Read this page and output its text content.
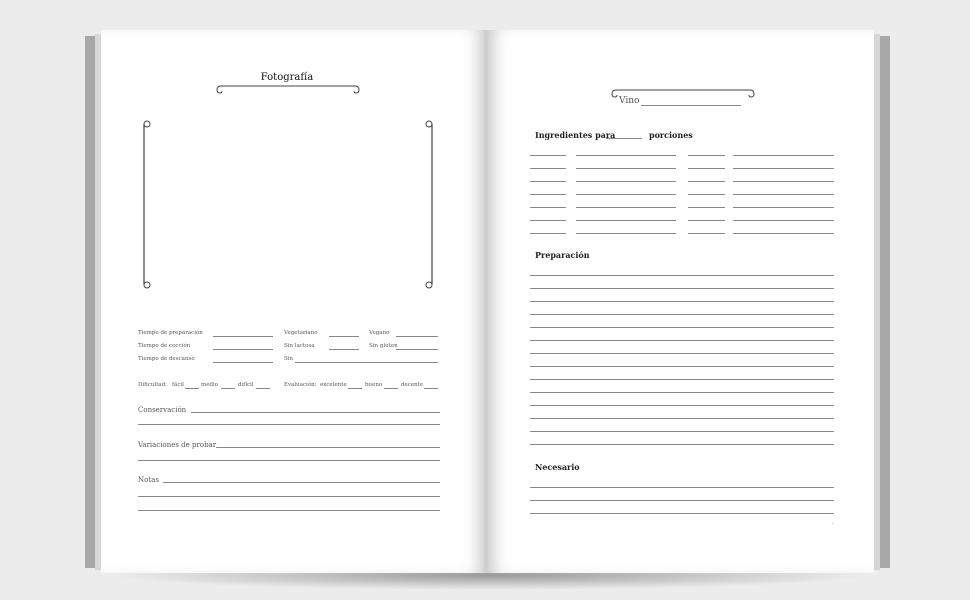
Fotografía
Tiempo de preparación	Vegetariano	Vegano
Tiempo de cocción	Sin lactosa	Sin gluten
Tiempo de descanso	Sin
Dificultad: fácil	medio	difícil	Evaluación: excelente	bueno	decente
Conservación
Variaciones de probar
Notas
Vino
Ingredientes para	porciones
Preparación
Necesario
.
